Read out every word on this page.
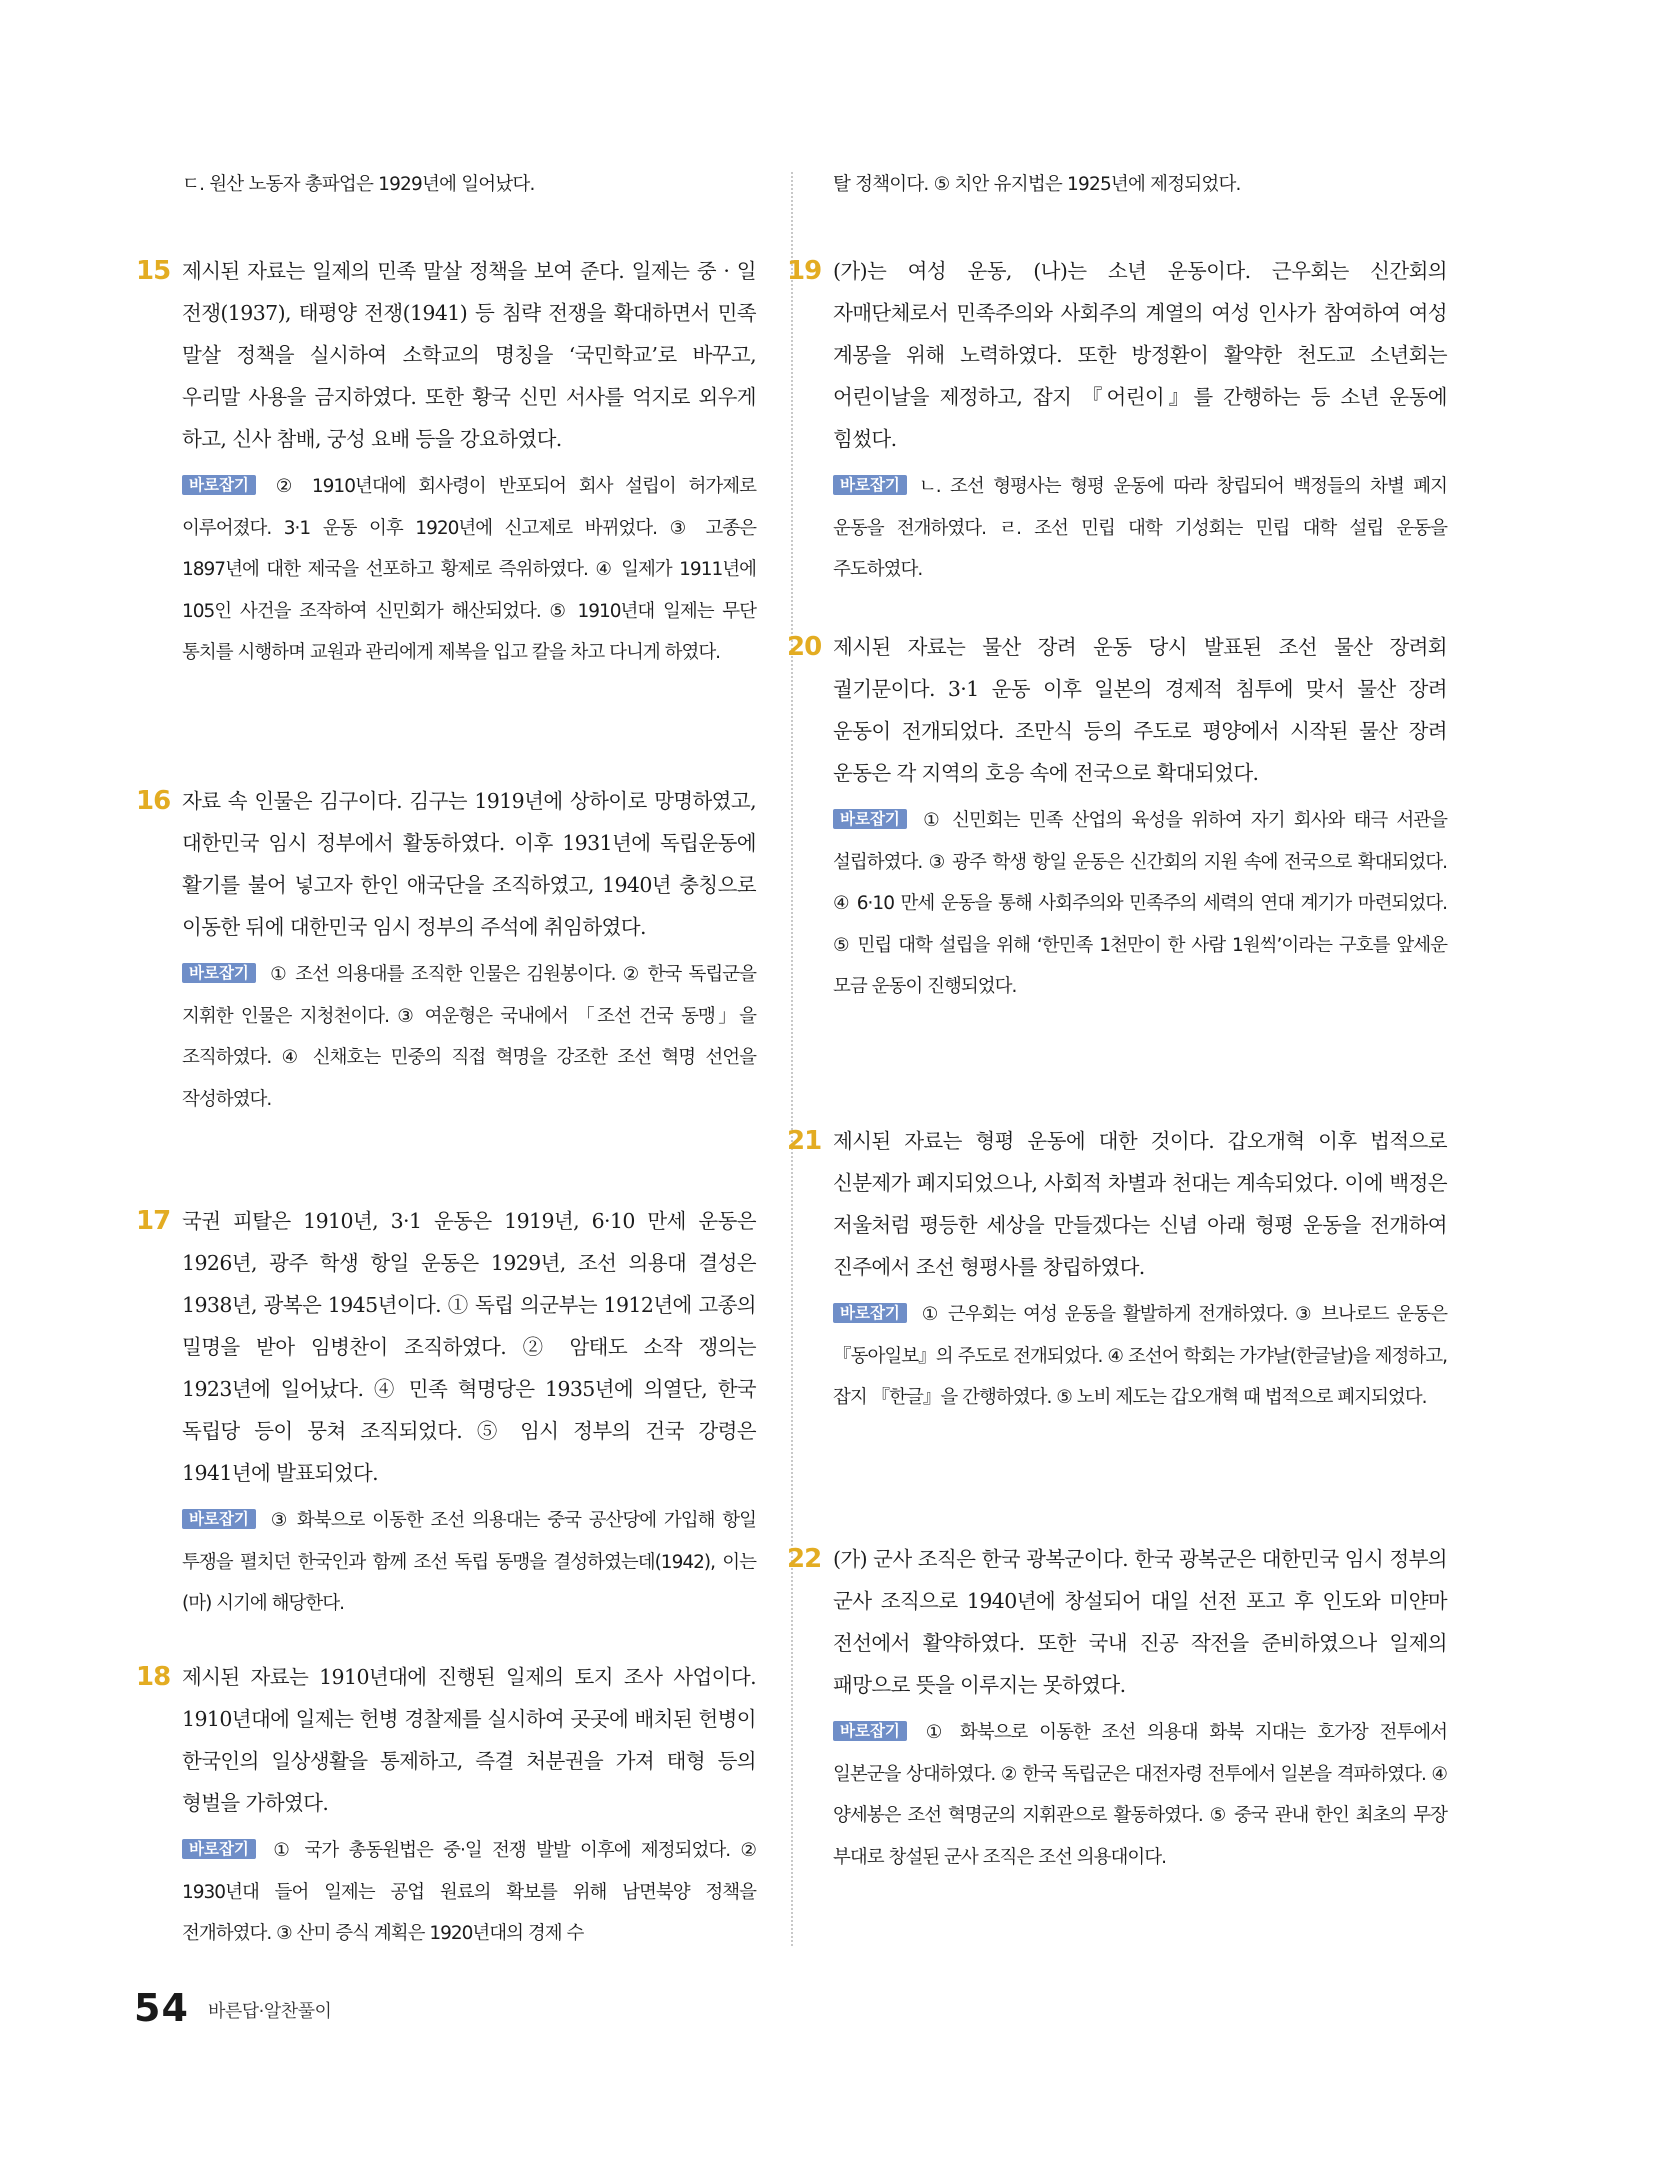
ㄷ. 원산 노동자 총파업은 1929년에 일어났다.
15 제시된 자료는 일제의 민족 말살 정책을 보여 준다. 일제는 중 · 일 전쟁(1937), 태평양 전쟁(1941) 등 침략 전쟁을 확대하면서 민족 말살 정책을 실시하여 소학교의 명칭을 ‘국민학교’로 바꾸고, 우리말 사용을 금지하였다. 또한 황국 신민 서사를 억지로 외우게 하고, 신사 참배, 궁성 요배 등을 강요하였다.

바로잡기 ② 1910년대에 회사령이 반포되어 회사 설립이 허가제로 이루어졌다. 3·1 운동 이후 1920년에 신고제로 바뀌었다. ③ 고종은 1897년에 대한 제국을 선포하고 황제로 즉위하였다. ④ 일제가 1911년에 105인 사건을 조작하여 신민회가 해산되었다. ⑤ 1910년대 일제는 무단 통치를 시행하며 교원과 관리에게 제복을 입고 칼을 차고 다니게 하였다.

16 자료 속 인물은 김구이다. 김구는 1919년에 상하이로 망명하였고, 대한민국 임시 정부에서 활동하였다. 이후 1931년에 독립운동에 활기를 불어 넣고자 한인 애국단을 조직하였고, 1940년 충칭으로 이동한 뒤에 대한민국 임시 정부의 주석에 취임하였다.

바로잡기 ① 조선 의용대를 조직한 인물은 김원봉이다. ② 한국 독립군을 지휘한 인물은 지청천이다. ③ 여운형은 국내에서 「조선 건국 동맹」을 조직하였다. ④ 신채호는 민중의 직접 혁명을 강조한 조선 혁명 선언을 작성하였다.

17 국권 피탈은 1910년, 3·1 운동은 1919년, 6·10 만세 운동은 1926년, 광주 학생 항일 운동은 1929년, 조선 의용대 결성은 1938년, 광복은 1945년이다. ① 독립 의군부는 1912년에 고종의 밀명을 받아 임병찬이 조직하였다. ② 암태도 소작 쟁의는 1923년에 일어났다. ④ 민족 혁명당은 1935년에 의열단, 한국 독립당 등이 뭉쳐 조직되었다. ⑤ 임시 정부의 건국 강령은 1941년에 발표되었다.

바로잡기 ③ 화북으로 이동한 조선 의용대는 중국 공산당에 가입해 항일 투쟁을 펼치던 한국인과 함께 조선 독립 동맹을 결성하였는데(1942), 이는 (마) 시기에 해당한다.

18 제시된 자료는 1910년대에 진행된 일제의 토지 조사 사업이다. 1910년대에 일제는 헌병 경찰제를 실시하여 곳곳에 배치된 헌병이 한국인의 일상생활을 통제하고, 즉결 처분권을 가져 태형 등의 형벌을 가하였다.

바로잡기 ① 국가 총동원법은 중·일 전쟁 발발 이후에 제정되었다. ② 1930년대 들어 일제는 공업 원료의 확보를 위해 남면북양 정책을 전개하였다. ③ 산미 증식 계획은 1920년대의 경제 수

탈 정책이다. ⑤ 치안 유지법은 1925년에 제정되었다.
19 (가)는 여성 운동, (나)는 소년 운동이다. 근우회는 신간회의 자매단체로서 민족주의와 사회주의 계열의 여성 인사가 참여하여 여성 계몽을 위해 노력하였다. 또한 방정환이 활약한 천도교 소년회는 어린이날을 제정하고, 잡지 『어린이』를 간행하는 등 소년 운동에 힘썼다.

바로잡기 ㄴ. 조선 형평사는 형평 운동에 따라 창립되어 백정들의 차별 폐지 운동을 전개하였다. ㄹ. 조선 민립 대학 기성회는 민립 대학 설립 운동을 주도하였다.

20 제시된 자료는 물산 장려 운동 당시 발표된 조선 물산 장려회 궐기문이다. 3·1 운동 이후 일본의 경제적 침투에 맞서 물산 장려 운동이 전개되었다. 조만식 등의 주도로 평양에서 시작된 물산 장려 운동은 각 지역의 호응 속에 전국으로 확대되었다.

바로잡기 ① 신민회는 민족 산업의 육성을 위하여 자기 회사와 태극 서관을 설립하였다. ③ 광주 학생 항일 운동은 신간회의 지원 속에 전국으로 확대되었다. ④ 6·10 만세 운동을 통해 사회주의와 민족주의 세력의 연대 계기가 마련되었다. ⑤ 민립 대학 설립을 위해 ‘한민족 1천만이 한 사람 1원씩’이라는 구호를 앞세운 모금 운동이 진행되었다.

21 제시된 자료는 형평 운동에 대한 것이다. 갑오개혁 이후 법적으로 신분제가 폐지되었으나, 사회적 차별과 천대는 계속되었다. 이에 백정은 저울처럼 평등한 세상을 만들겠다는 신념 아래 형평 운동을 전개하여 진주에서 조선 형평사를 창립하였다.

바로잡기 ① 근우회는 여성 운동을 활발하게 전개하였다. ③ 브나로드 운동은 『동아일보』의 주도로 전개되었다. ④ 조선어 학회는 가갸날(한글날)을 제정하고, 잡지 『한글』을 간행하였다. ⑤ 노비 제도는 갑오개혁 때 법적으로 폐지되었다.

22 (가) 군사 조직은 한국 광복군이다. 한국 광복군은 대한민국 임시 정부의 군사 조직으로 1940년에 창설되어 대일 선전 포고 후 인도와 미얀마 전선에서 활약하였다. 또한 국내 진공 작전을 준비하였으나 일제의 패망으로 뜻을 이루지는 못하였다.

바로잡기 ① 화북으로 이동한 조선 의용대 화북 지대는 호가장 전투에서 일본군을 상대하였다. ② 한국 독립군은 대전자령 전투에서 일본을 격파하였다. ④ 양세봉은 조선 혁명군의 지휘관으로 활동하였다. ⑤ 중국 관내 한인 최초의 무장 부대로 창설된 군사 조직은 조선 의용대이다.

54 바른답·알찬풀이
